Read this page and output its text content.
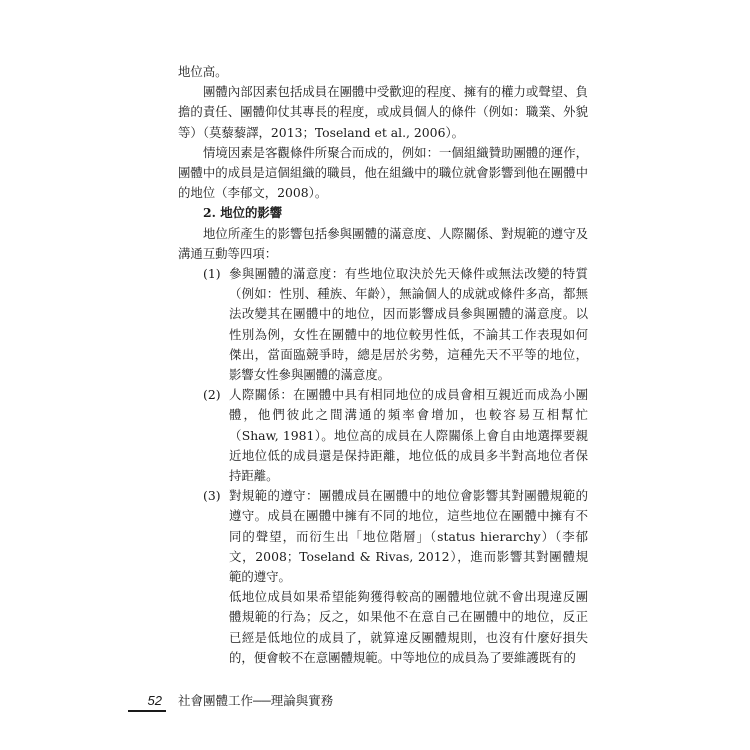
地位高。

團體內部因素包括成員在團體中受歡迎的程度、擁有的權力或聲望、負擔的責任、團體仰仗其專長的程度，或成員個人的條件（例如：職業、外貌等）（莫藜藜譯，2013；Toseland et al., 2006）。

情境因素是客觀條件所聚合而成的，例如：一個組織贊助團體的運作，團體中的成員是這個組織的職員，他在組織中的職位就會影響到他在團體中的地位（李郁文，2008）。

2. 地位的影響

地位所產生的影響包括參與團體的滿意度、人際關係、對規範的遵守及溝通互動等四項：

(1) 參與團體的滿意度：有些地位取決於先天條件或無法改變的特質（例如：性別、種族、年齡），無論個人的成就或條件多高，都無法改變其在團體中的地位，因而影響成員參與團體的滿意度。以性別為例，女性在團體中的地位較男性低，不論其工作表現如何傑出，當面臨競爭時，總是居於劣勢，這種先天不平等的地位，影響女性參與團體的滿意度。
(2) 人際關係：在團體中具有相同地位的成員會相互親近而成為小團體，他們彼此之間溝通的頻率會增加，也較容易互相幫忙（Shaw, 1981）。地位高的成員在人際關係上會自由地選擇要親近地位低的成員還是保持距離，地位低的成員多半對高地位者保持距離。
(3) 對規範的遵守：團體成員在團體中的地位會影響其對團體規範的遵守。成員在團體中擁有不同的地位，這些地位在團體中擁有不同的聲望，而衍生出「地位階層」（status hierarchy）（李郁文，2008；Toseland & Rivas, 2012），進而影響其對團體規範的遵守。

低地位成員如果希望能夠獲得較高的團體地位就不會出現違反團體規範的行為；反之，如果他不在意自己在團體中的地位，反正已經是低地位的成員了，就算違反團體規則，也沒有什麼好損失的，便會較不在意團體規範。中等地位的成員為了要維護既有的

52	社會團體工作──理論與實務
